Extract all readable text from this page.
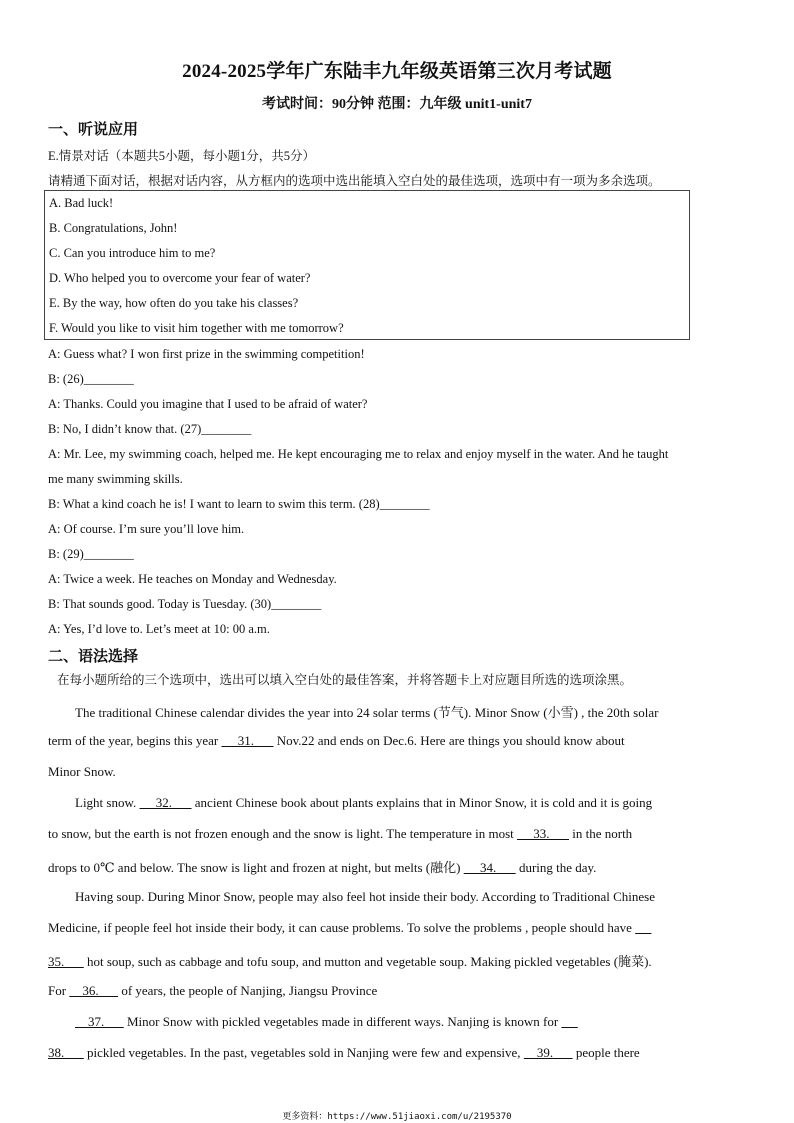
2024-2025学年广东陆丰九年级英语第三次月考试题
考试时间：90分钟 范围：九年级 unit1-unit7
一、听说应用
E.情景对话（本题共5小题，每小题1分，共5分）
请精通下面对话，根据对话内容，从方框内的选项中选出能填入空白处的最佳选项，选项中有一项为多余选项。
A. Bad luck!
B. Congratulations, John!
C. Can you introduce him to me?
D. Who helped you to overcome your fear of water?
E. By the way, how often do you take his classes?
F. Would you like to visit him together with me tomorrow?
A: Guess what? I won first prize in the swimming competition!
B: (26)________
A: Thanks. Could you imagine that I used to be afraid of water?
B: No, I didn’t know that. (27)________
A: Mr. Lee, my swimming coach, helped me. He kept encouraging me to relax and enjoy myself in the water. And he taught
me many swimming skills.
B: What a kind coach he is! I want to learn to swim this term. (28)________
A: Of course. I’m sure you’ll love him.
B: (29)________
A: Twice a week. He teaches on Monday and Wednesday.
B: That sounds good. Today is Tuesday. (30)________
A: Yes, I’d love to. Let’s meet at 10: 00 a.m.
二、语法选择
在每小题所给的三个选项中，选出可以填入空白处的最佳答案，并将答题卡上对应题目所选的选项涂黑。
The traditional Chinese calendar divides the year into 24 solar terms (节气). Minor Snow (小雪) , the 20th solar
term of the year, begins this year      31.       Nov.22 and ends on Dec.6. Here are things you should know about
Minor Snow.
Light snow.      32.       ancient Chinese book about plants explains that in Minor Snow, it is cold and it is going
to snow, but the earth is not frozen enough and the snow is light. The temperature in most      33.       in the north
drops to 0℃ and below. The snow is light and frozen at night, but melts (融化)      34.       during the day.
Having soup. During Minor Snow, people may also feel hot inside their body. According to Traditional Chinese
Medicine, if people feel hot inside their body, it can cause problems. To solve the problems , people should have
35.       hot soup, such as cabbage and tofu soup, and mutton and vegetable soup. Making pickled vegetables (腌菜).
For     36.       of years, the people of Nanjing, Jiangsu Province
37.       Minor Snow with pickled vegetables made in different ways. Nanjing is known for
38.       pickled vegetables. In the past, vegetables sold in Nanjing were few and expensive,     39.       people there
更多资料：https://www.51jiaoxi.com/u/2195370
